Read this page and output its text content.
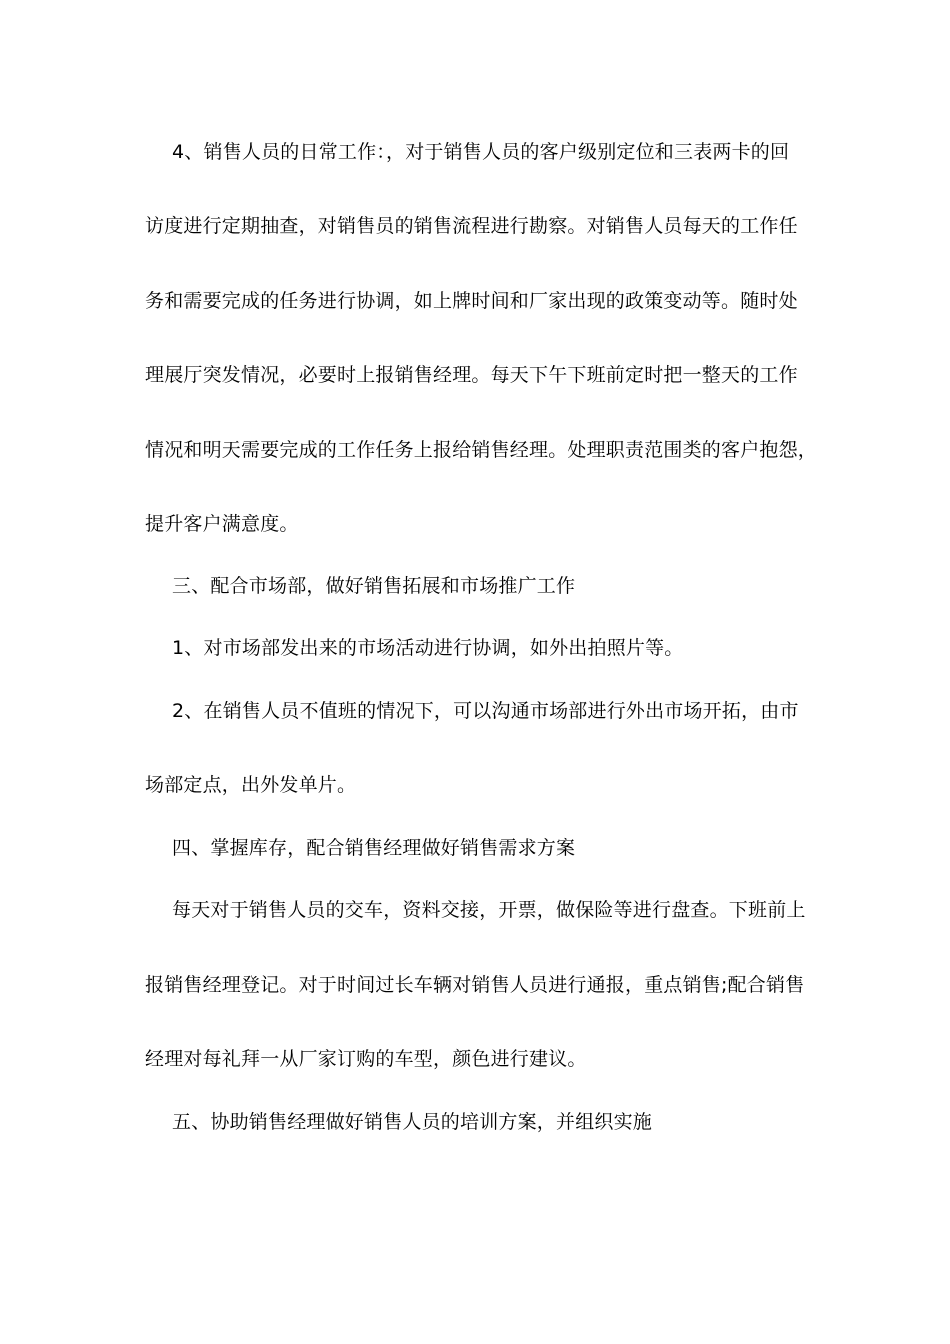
4、销售人员的日常工作：，对于销售人员的客户级别定位和三表两卡的回
访度进行定期抽查，对销售员的销售流程进行勘察。对销售人员每天的工作任
务和需要完成的任务进行协调，如上牌时间和厂家出现的政策变动等。随时处
理展厅突发情况，必要时上报销售经理。每天下午下班前定时把一整天的工作
情况和明天需要完成的工作任务上报给销售经理。处理职责范围类的客户抱怨，
提升客户满意度。
三、配合市场部，做好销售拓展和市场推广工作
1、对市场部发出来的市场活动进行协调，如外出拍照片等。
2、在销售人员不值班的情况下，可以沟通市场部进行外出市场开拓，由市
场部定点，出外发单片。
四、掌握库存，配合销售经理做好销售需求方案
每天对于销售人员的交车，资料交接，开票，做保险等进行盘查。下班前上
报销售经理登记。对于时间过长车辆对销售人员进行通报，重点销售;配合销售
经理对每礼拜一从厂家订购的车型，颜色进行建议。
五、协助销售经理做好销售人员的培训方案，并组织实施
